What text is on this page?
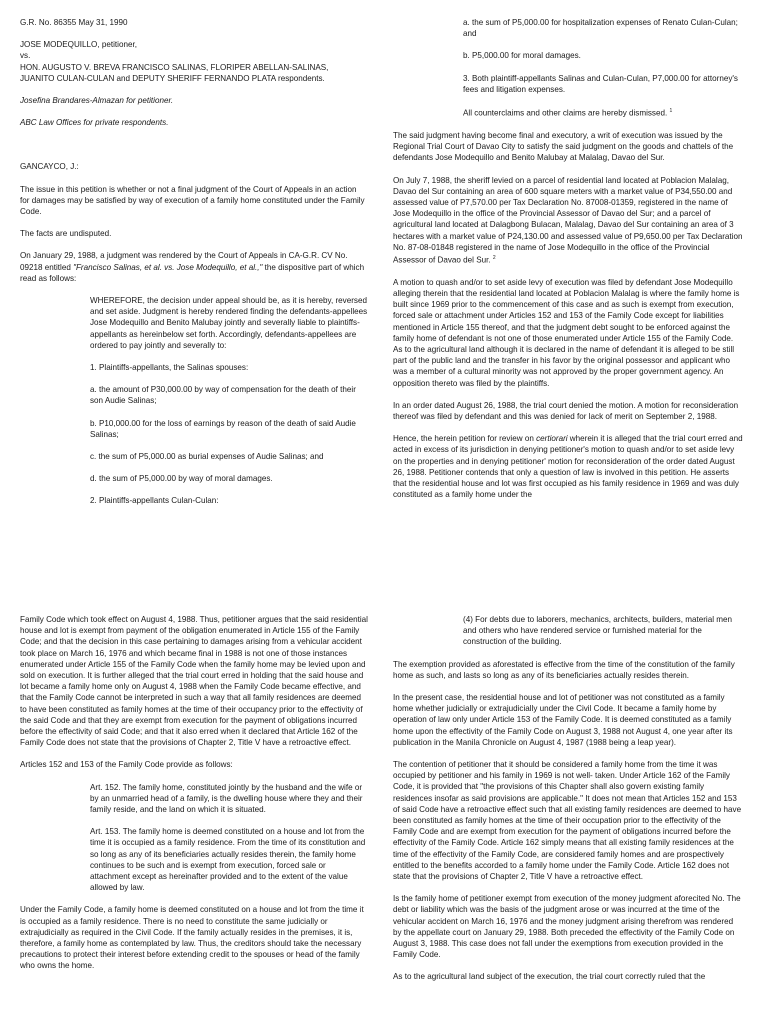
G.R. No. 86355 May 31, 1990

JOSE MODEQUILLO, petitioner,

vs.

HON. AUGUSTO V. BREVA FRANCISCO SALINAS, FLORIPER ABELLAN-SALINAS,

JUANITO CULAN-CULAN and DEPUTY SHERIFF FERNANDO PLATA respondents.

Josefina Brandares-Almazan for petitioner.

ABC Law Offices for private respondents.

GANCAYCO, J.:

The issue in this petition is whether or not a final judgment of the Court of Appeals in an action for damages may be satisfied by way of execution of a family home constituted under the Family Code.

The facts are undisputed.

On January 29, 1988, a judgment was rendered by the Court of Appeals in CA-G.R. CV No. 09218 entitled "Francisco Salinas, et al. vs. Jose Modequillo, et al.," the dispositive part of which read as follows:

WHEREFORE, the decision under appeal should be, as it is hereby, reversed and set aside. Judgment is hereby rendered finding the defendants-appellees Jose Modequillo and Benito Malubay jointly and severally liable to plaintiffs-appellants as hereinbelow set forth. Accordingly, defendants-appellees are ordered to pay jointly and severally to:

1. Plaintiffs-appellants, the Salinas spouses:

a. the amount of P30,000.00 by way of compensation for the death of their son Audie Salinas;

b. P10,000.00 for the loss of earnings by reason of the death of said Audie Salinas;

c. the sum of P5,000.00 as burial expenses of Audie Salinas; and

d. the sum of P5,000.00 by way of moral damages.

2. Plaintiffs-appellants Culan-Culan:

a. the sum of P5,000.00 for hospitalization expenses of Renato Culan-Culan; and

b. P5,000.00 for moral damages.

3. Both plaintiff-appellants Salinas and Culan-Culan, P7,000.00 for attorney's fees and litigation expenses.

All counterclaims and other claims are hereby dismissed. $^1$

The said judgment having become final and executory, a writ of execution was issued by the Regional Trial Court of Davao City to satisfy the said judgment on the goods and chattels of the defendants Jose Modequillo and Benito Malubay at Malalag, Davao del Sur.

On July 7, 1988, the sheriff levied on a parcel of residential land located at Poblacion Malalag, Davao del Sur containing an area of 600 square meters with a market value of P34,550.00 and assessed value of P7,570.00 per Tax Declaration No. 87008-01359, registered in the name of Jose Modequillo in the office of the Provincial Assessor of Davao del Sur; and a parcel of agricultural land located at Dalagbong Bulacan, Malalag, Davao del Sur containing an area of 3 hectares with a market value of P24,130.00 and assessed value of P9,650.00 per Tax Declaration No. 87-08-01848 registered in the name of Jose Modequillo in the office of the Provincial Assessor of Davao del Sur. $^2$

A motion to quash and/or to set aside levy of execution was filed by defendant Jose Modequillo alleging therein that the residential land located at Poblacion Malalag is where the family home is built since 1969 prior to the commencement of this case and as such is exempt from execution, forced sale or attachment under Articles 152 and 153 of the Family Code except for liabilities mentioned in Article 155 thereof, and that the judgment debt sought to be enforced against the family home of defendant is not one of those enumerated under Article 155 of the Family Code. As to the agricultural land although it is declared in the name of defendant it is alleged to be still part of the public land and the transfer in his favor by the original possessor and applicant who was a member of a cultural minority was not approved by the proper government agency. An opposition thereto was filed by the plaintiffs.

In an order dated August 26, 1988, the trial court denied the motion. A motion for reconsideration thereof was filed by defendant and this was denied for lack of merit on September 2, 1988.

Hence, the herein petition for review on certiorari wherein it is alleged that the trial court erred and acted in excess of its jurisdiction in denying petitioner's motion to quash and/or to set aside levy on the properties and in denying petitioner' motion for reconsideration of the order dated August 26, 1988. Petitioner contends that only a question of law is involved in this petition. He asserts that the residential house and lot was first occupied as his family residence in 1969 and was duly constituted as a family home under the

Family Code which took effect on August 4, 1988. Thus, petitioner argues that the said residential house and lot is exempt from payment of the obligation enumerated in Article 155 of the Family Code; and that the decision in this case pertaining to damages arising from a vehicular accident took place on March 16, 1976 and which became final in 1988 is not one of those instances enumerated under Article 155 of the Family Code when the family home may be levied upon and sold on execution. It is further alleged that the trial court erred in holding that the said house and lot became a family home only on August 4, 1988 when the Family Code became effective, and that the Family Code cannot be interpreted in such a way that all family residences are deemed to have been constituted as family homes at the time of their occupancy prior to the effectivity of the said Code and that they are exempt from execution for the payment of obligations incurred before the effectivity of said Code; and that it also erred when it declared that Article 162 of the Family Code does not state that the provisions of Chapter 2, Title V have a retroactive effect.

Articles 152 and 153 of the Family Code provide as follows:

Art. 152. The family home, constituted jointly by the husband and the wife or by an unmarried head of a family, is the dwelling house where they and their family reside, and the land on which it is situated.

Art. 153. The family home is deemed constituted on a house and lot from the time it is occupied as a family residence. From the time of its constitution and so long as any of its beneficiaries actually resides therein, the family home continues to be such and is exempt from execution, forced sale or attachment except as hereinafter provided and to the extent of the value allowed by law.

Under the Family Code, a family home is deemed constituted on a house and lot from the time it is occupied as a family residence. There is no need to constitute the same judicially or extrajudicially as required in the Civil Code. If the family actually resides in the premises, it is, therefore, a family home as contemplated by law. Thus, the creditors should take the necessary precautions to protect their interest before extending credit to the spouses or head of the family who owns the home.

(4) For debts due to laborers, mechanics, architects, builders, material men and others who have rendered service or furnished material for the construction of the building.

The exemption provided as aforestated is effective from the time of the constitution of the family home as such, and lasts so long as any of its beneficiaries actually resides therein.

In the present case, the residential house and lot of petitioner was not constituted as a family home whether judicially or extrajudicially under the Civil Code. It became a family home by operation of law only under Article 153 of the Family Code. It is deemed constituted as a family home upon the effectivity of the Family Code on August 3, 1988 not August 4, one year after its publication in the Manila Chronicle on August 4, 1987 (1988 being a leap year).

The contention of petitioner that it should be considered a family home from the time it was occupied by petitioner and his family in 1969 is not well- taken. Under Article 162 of the Family Code, it is provided that "the provisions of this Chapter shall also govern existing family residences insofar as said provisions are applicable." It does not mean that Articles 152 and 153 of said Code have a retroactive effect such that all existing family residences are deemed to have been constituted as family homes at the time of their occupation prior to the effectivity of the Family Code and are exempt from execution for the payment of obligations incurred before the effectivity of the Family Code. Article 162 simply means that all existing family residences at the time of the effectivity of the Family Code, are considered family homes and are prospectively entitled to the benefits accorded to a family home under the Family Code. Article 162 does not state that the provisions of Chapter 2, Title V have a retroactive effect.

Is the family home of petitioner exempt from execution of the money judgment aforecited No. The debt or liability which was the basis of the judgment arose or was incurred at the time of the vehicular accident on March 16, 1976 and the money judgment arising therefrom was rendered by the appellate court on January 29, 1988. Both preceded the effectivity of the Family Code on August 3, 1988. This case does not fall under the exemptions from execution provided in the Family Code.

As to the agricultural land subject of the execution, the trial court correctly ruled that the
